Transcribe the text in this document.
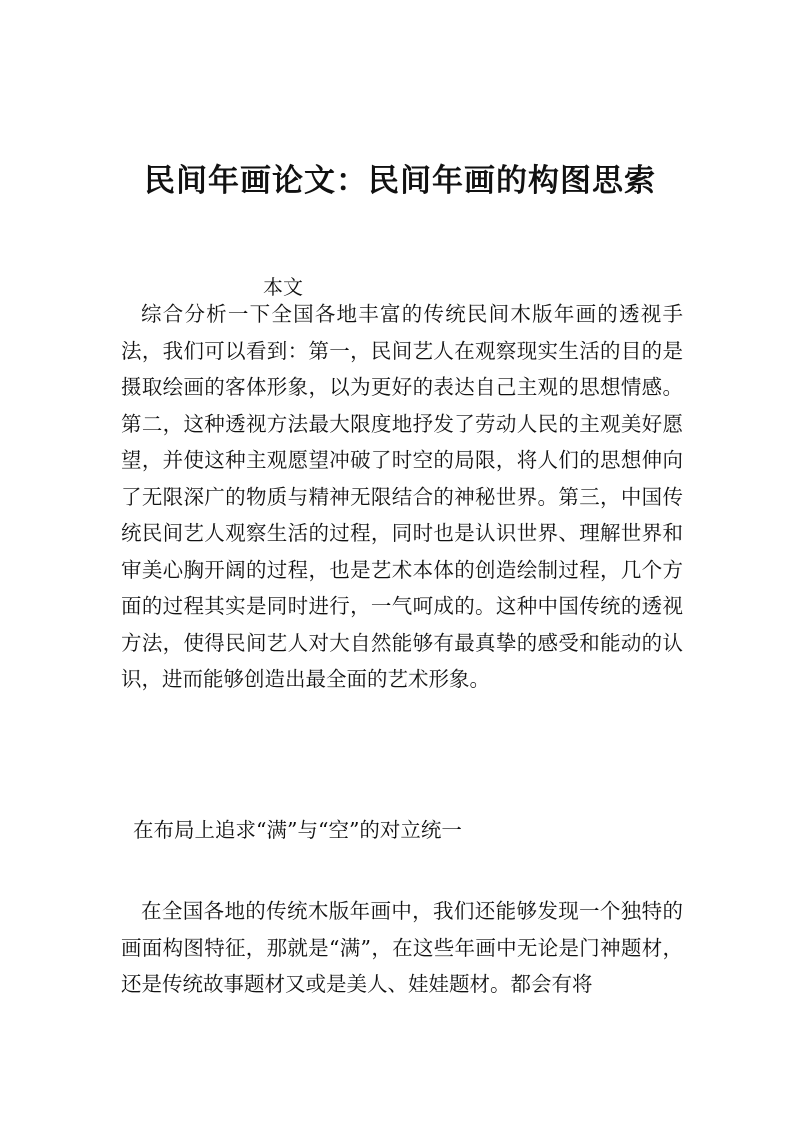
民间年画论文：民间年画的构图思索
本文

综合分析一下全国各地丰富的传统民间木版年画的透视手法，我们可以看到：第一，民间艺人在观察现实生活的目的是摄取绘画的客体形象，以为更好的表达自己主观的思想情感。第二，这种透视方法最大限度地抒发了劳动人民的主观美好愿望，并使这种主观愿望冲破了时空的局限，将人们的思想伸向了无限深广的物质与精神无限结合的神秘世界。第三，中国传统民间艺人观察生活的过程，同时也是认识世界、理解世界和审美心胸开阔的过程，也是艺术本体的创造绘制过程，几个方面的过程其实是同时进行，一气呵成的。这种中国传统的透视方法，使得民间艺人对大自然能够有最真挚的感受和能动的认识，进而能够创造出最全面的艺术形象。

在布局上追求“满”与“空”的对立统一

在全国各地的传统木版年画中，我们还能够发现一个独特的画面构图特征，那就是“满”，在这些年画中无论是门神题材，还是传统故事题材又或是美人、娃娃题材。都会有将
